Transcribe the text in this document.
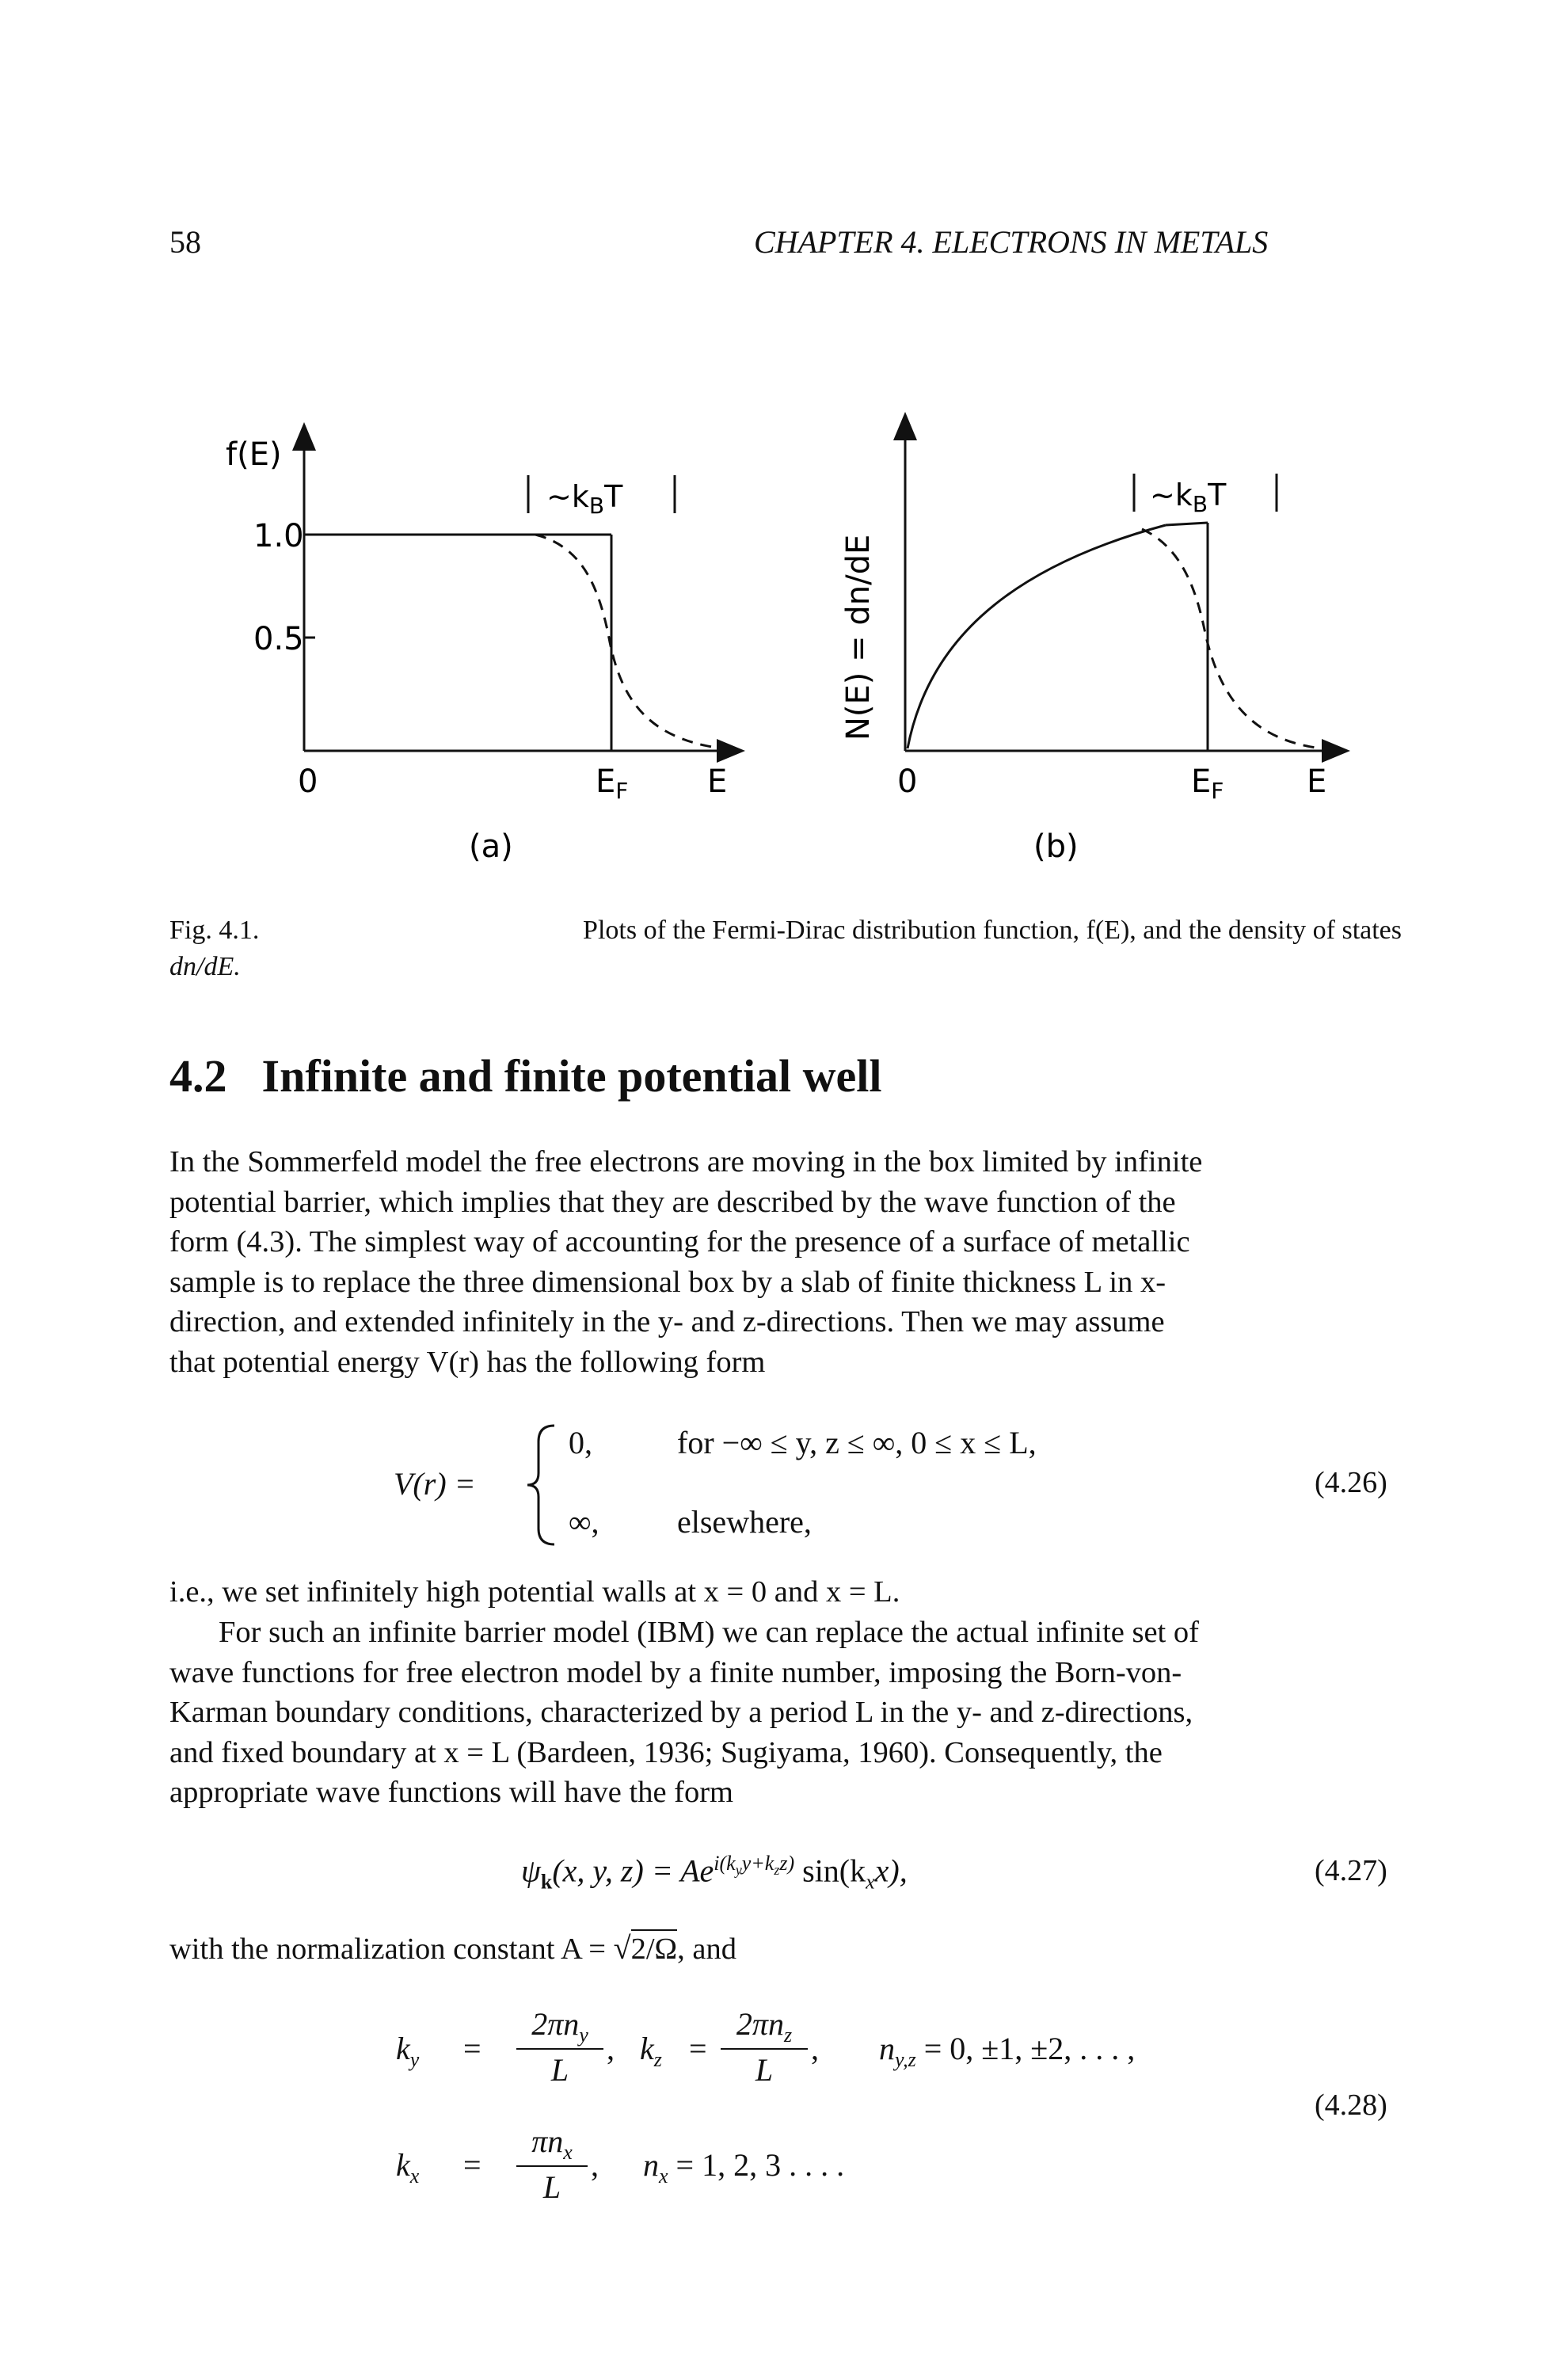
58	CHAPTER 4. ELECTRONS IN METALS
$\sim k_BT$
f(E)
1.0
0.5
0	$E_F$ E
(a)
$\sim k_BT$
N(E) = dn/dE
0	$E_F$	E
(b)
Fig. 4.1.	Plots of the Fermi-Dirac distribution function, f(E), and the density of states
dn/dE.
4.2 Infinite and finite potential well
In the Sommerfeld model the free electrons are moving in the box limited by infinite
potential barrier, which implies that they are described by the wave function of the
form (4.3). The simplest way of accounting for the presence of a surface of metallic
sample is to replace the three dimensional box by a slab of finite thickness L in x-
direction, and extended infinitely in the y- and z-directions. Then we may assume
that potential energy V(r) has the following form
V(r) =
0,	for −∞ ≤ y, z ≤ ∞, 0 ≤ x ≤ L,
∞, elsewhere,
(4.26)
i.e., we set infinitely high potential walls at x = 0 and x = L.
For such an infinite barrier model (IBM) we can replace the actual infinite set of
wave functions for free electron model by a finite number, imposing the Born-von-
Karman boundary conditions, characterized by a period L in the y- and z-directions,
and fixed boundary at x = L (Bardeen, 1936; Sugiyama, 1960). Consequently, the
appropriate wave functions will have the form
$\psi_k(x$, y, $z) = Ae^{i(k_yy+k_zz)}$ $\sin(k_xx)$,	(4.27)
with the normalization constant A = √2/Ω, and
$k_y$ =
$2\pi n_y$
L
, $k_z$ =
$2\pi n_z$
L
, $n_{y,z} = 0$, ±1, ±2, . . . ,
$k_x$ =
$\pi n_x$
L
, $n_x = 1$, 2, 3 . . . .
(4.28)
